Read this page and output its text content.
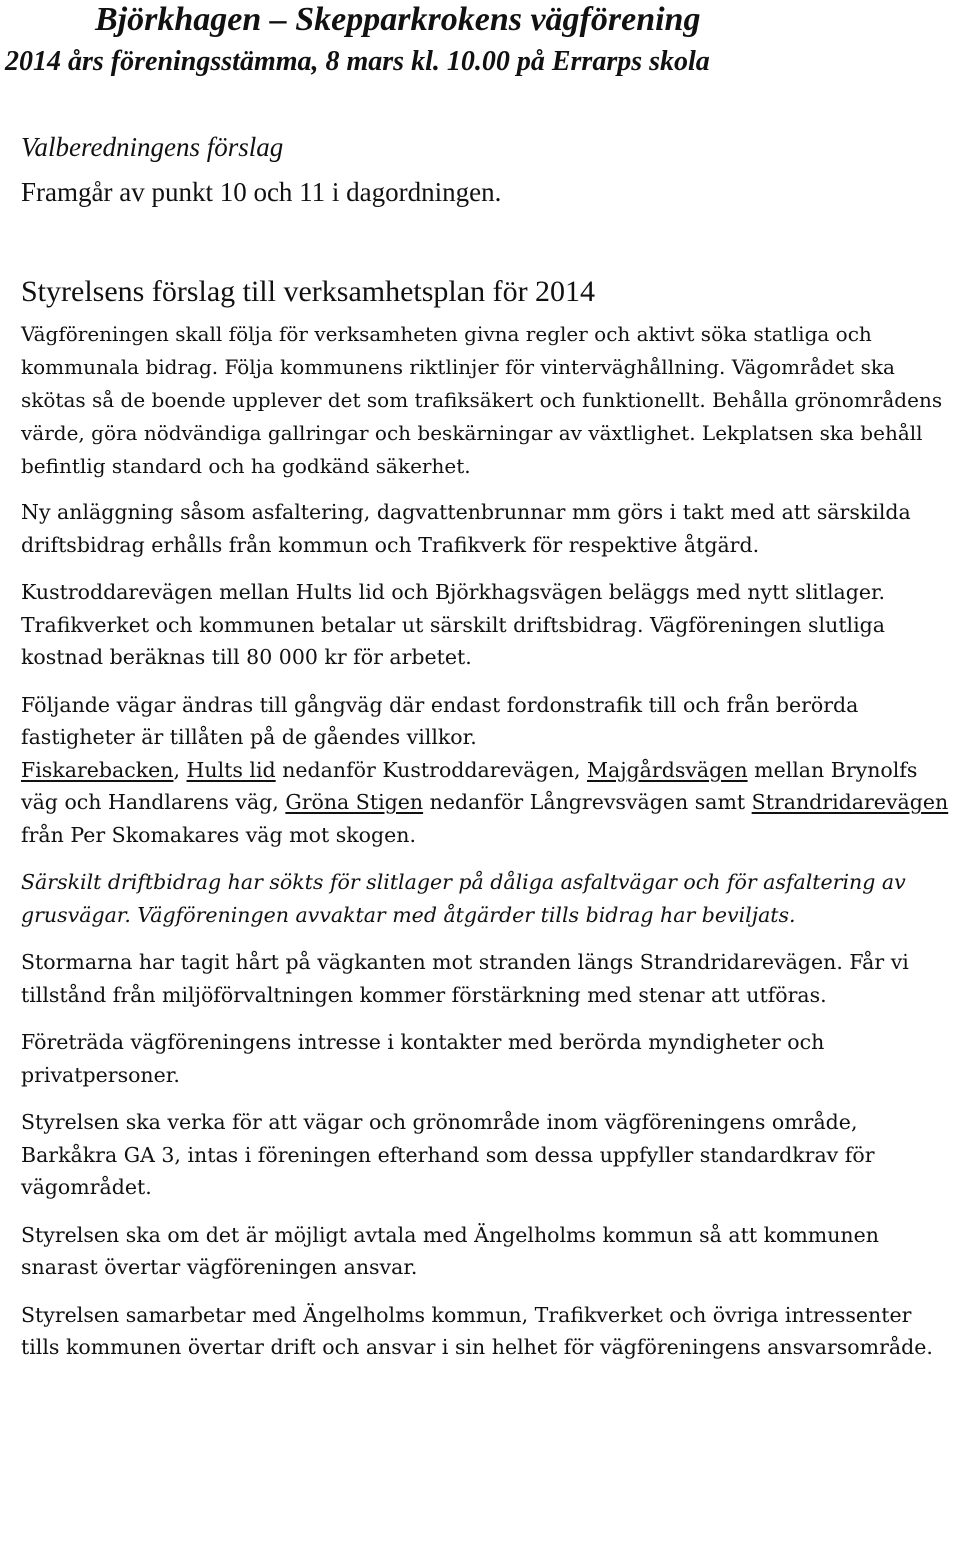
Björkhagen – Skepparkrokens vägförening
2014 års föreningsstämma, 8 mars kl. 10.00 på Errarps skola
Valberedningens förslag
Framgår av punkt 10 och 11 i dagordningen.
Styrelsens förslag till verksamhetsplan för 2014

Vägföreningen skall följa för verksamheten givna regler och aktivt söka statliga och kommunala bidrag. Följa kommunens riktlinjer för vinterväghållning. Vägområdet ska skötas så de boende upplever det som trafiksäkert och funktionellt. Behålla grönområdens värde, göra nödvändiga gallringar och beskärningar av växtlighet. Lekplatsen ska behåll befintlig standard och ha godkänd säkerhet.

Ny anläggning såsom asfaltering, dagvattenbrunnar mm görs i takt med att särskilda driftsbidrag erhålls från kommun och Trafikverk för respektive åtgärd.

Kustroddarevägen mellan Hults lid och Björkhagsvägen beläggs med nytt slitlager. Trafikverket och kommunen betalar ut särskilt driftsbidrag. Vägföreningen slutliga kostnad beräknas till 80 000 kr för arbetet.

Följande vägar ändras till gångväg där endast fordonstrafik till och från berörda fastigheter är tillåten på de gåendes villkor.

Fiskarebacken, Hults lid nedanför Kustroddarevägen, Majgårdsvägen mellan Brynolfs väg och Handlarens väg, Gröna Stigen nedanför Långrevsvägen samt Strandridarevägen från Per Skomakares väg mot skogen.

Särskilt driftbidrag har sökts för slitlager på dåliga asfaltvägar och för asfaltering av grusvägar. Vägföreningen avvaktar med åtgärder tills bidrag har beviljats.

Stormarna har tagit hårt på vägkanten mot stranden längs Strandridarevägen. Får vi tillstånd från miljöförvaltningen kommer förstärkning med stenar att utföras.

Företräda vägföreningens intresse i kontakter med berörda myndigheter och privatpersoner.

Styrelsen ska verka för att vägar och grönområde inom vägföreningens område, Barkåkra GA 3, intas i föreningen efterhand som dessa uppfyller standardkrav för vägområdet.

Styrelsen ska om det är möjligt avtala med Ängelholms kommun så att kommunen snarast övertar vägföreningen ansvar.

Styrelsen samarbetar med Ängelholms kommun, Trafikverket och övriga intressenter tills kommunen övertar drift och ansvar i sin helhet för vägföreningens ansvarsområde.
